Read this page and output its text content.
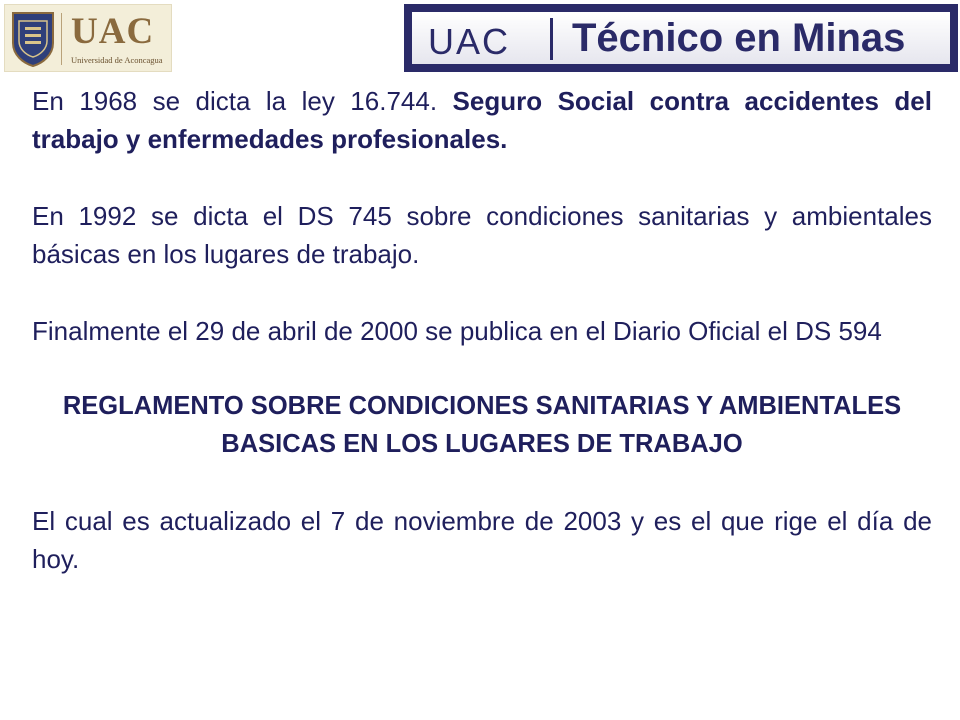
UAC
Universidad de Aconcagua	UAC Técnico en Minas

En 1968 se dicta la ley 16.744. Seguro Social contra accidentes del trabajo y enfermedades profesionales.

En 1992 se dicta el DS 745 sobre condiciones sanitarias y ambientales básicas en los lugares de trabajo.

Finalmente el 29 de abril de 2000 se publica en el Diario Oficial el DS 594

REGLAMENTO SOBRE CONDICIONES SANITARIAS Y AMBIENTALES BASICAS EN LOS LUGARES DE TRABAJO

El cual es actualizado el 7 de noviembre de 2003 y es el que rige el día de hoy.
